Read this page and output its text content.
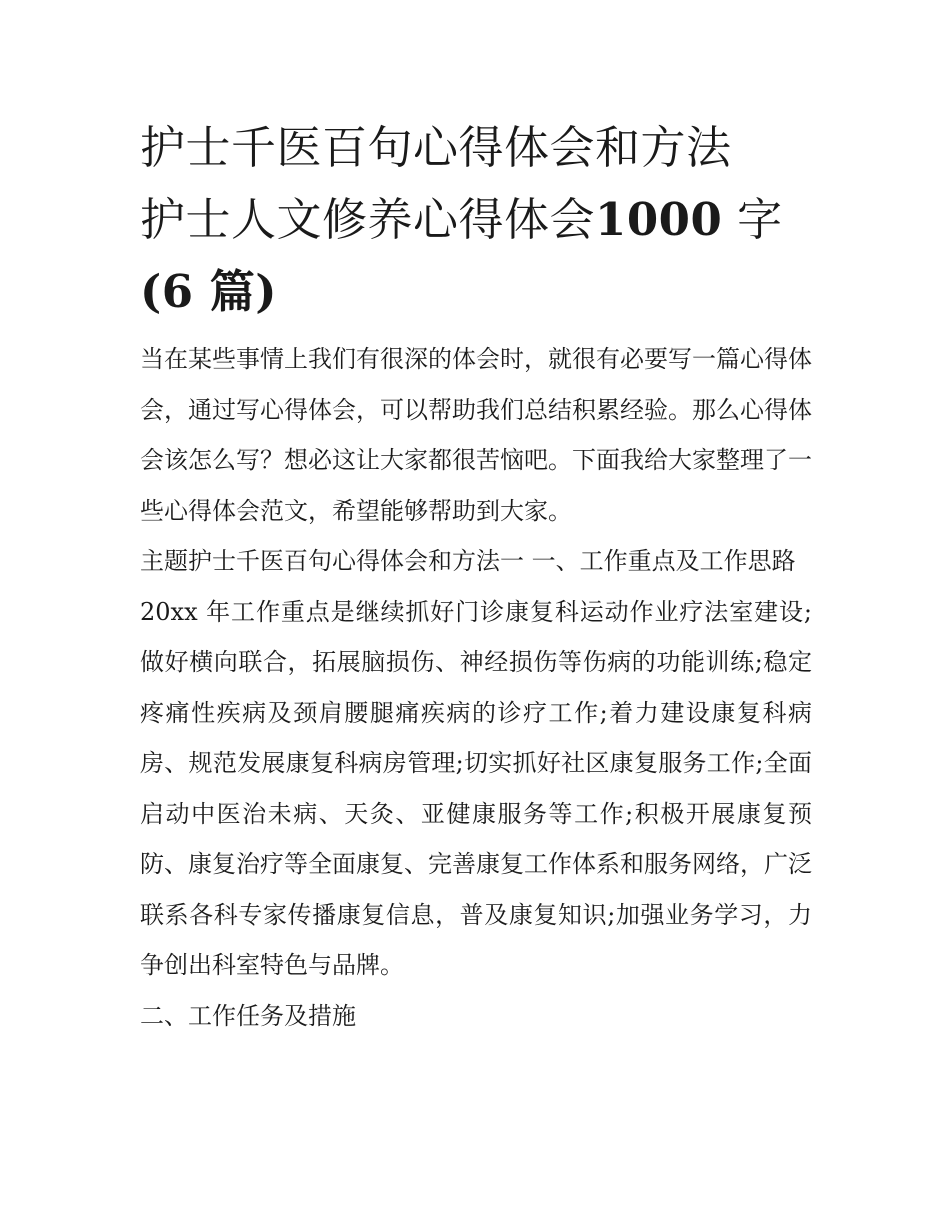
护士千医百句心得体会和方法
护士人文修养心得体会1000 字
(6 篇)

当在某些事情上我们有很深的体会时，就很有必要写一篇心得体会，通过写心得体会，可以帮助我们总结积累经验。那么心得体会该怎么写？想必这让大家都很苦恼吧。下面我给大家整理了一些心得体会范文，希望能够帮助到大家。

主题护士千医百句心得体会和方法一 一、工作重点及工作思路

20xx 年工作重点是继续抓好门诊康复科运动作业疗法室建设;做好横向联合，拓展脑损伤、神经损伤等伤病的功能训练;稳定疼痛性疾病及颈肩腰腿痛疾病的诊疗工作;着力建设康复科病房、规范发展康复科病房管理;切实抓好社区康复服务工作;全面启动中医治未病、天灸、亚健康服务等工作;积极开展康复预防、康复治疗等全面康复、完善康复工作体系和服务网络，广泛联系各科专家传播康复信息，普及康复知识;加强业务学习，力争创出科室特色与品牌。

二、工作任务及措施
